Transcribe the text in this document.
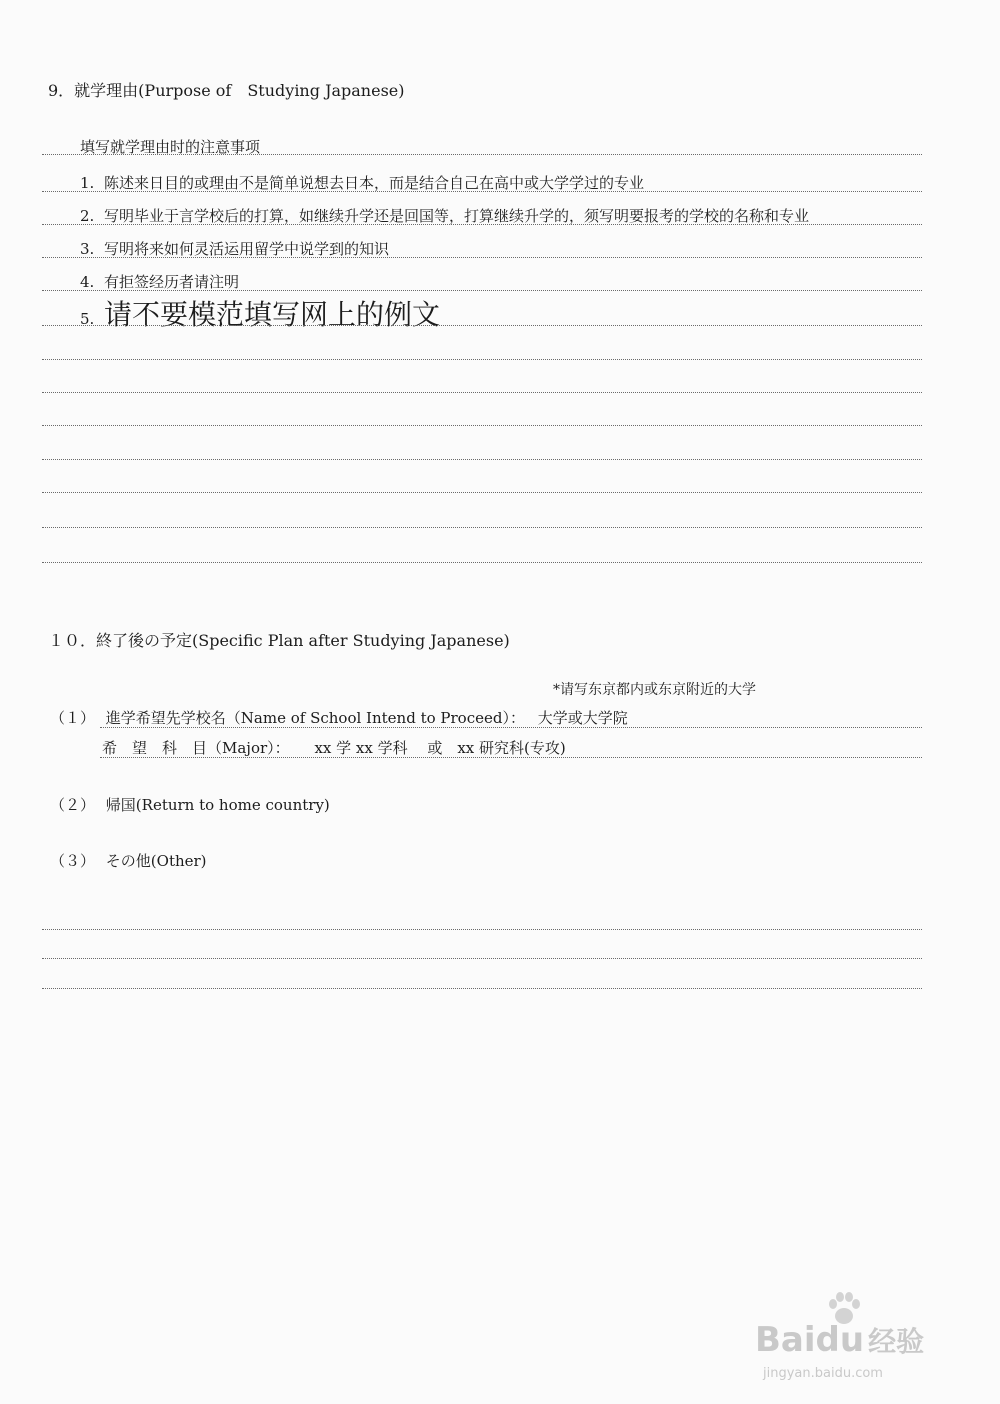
9．就学理由(Purpose of　Studying Japanese)
填写就学理由时的注意事项
1. 陈述来日目的或理由不是简单说想去日本，而是结合自己在高中或大学学过的专业
2. 写明毕业于言学校后的打算，如继续升学还是回国等，打算继续升学的，须写明要报考的学校的名称和专业
3. 写明将来如何灵活运用留学中说学到的知识
4. 有拒签经历者请注明
5. 请不要模范填写网上的例文
１０．終了後の予定(Specific Plan after Studying Japanese)
*请写东京都内或东京附近的大学
（１） 進学希望先学校名（Name of School Intend to Proceed）： 大学或大学院
希　望　科　目（Major）： xx 学 xx 学科　 或　xx 研究科(专攻)
（２） 帰国(Return to home country)
（３） その他(Other)
Baidu 经验
jingyan.baidu.com
